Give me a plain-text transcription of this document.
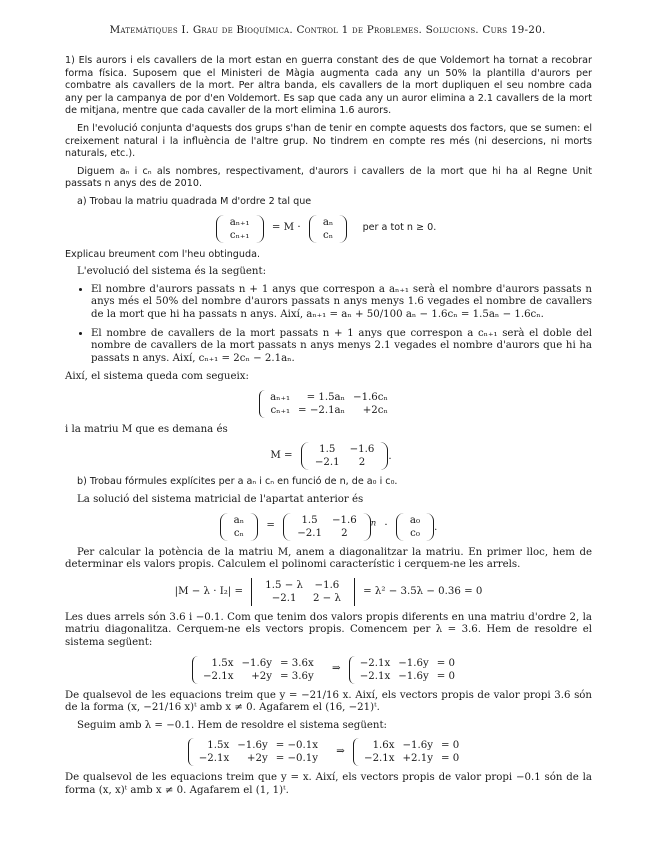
Matemàtiques I. Grau de Bioquímica. Control 1 de Problemes. Solucions. Curs 19-20.

1) Els aurors i els cavallers de la mort estan en guerra constant des de que Voldemort ha tornat a recobrar forma física. Suposem que el Ministeri de Màgia augmenta cada any un 50% la plantilla d'aurors per combatre als cavallers de la mort. Per altra banda, els cavallers de la mort dupliquen el seu nombre cada any per la campanya de por d'en Voldemort. Es sap que cada any un auror elimina a 2.1 cavallers de la mort de mitjana, mentre que cada cavaller de la mort elimina 1.6 aurors.

En l'evolució conjunta d'aquests dos grups s'han de tenir en compte aquests dos factors, que se sumen: el creixement natural i la influència de l'altre grup. No tindrem en compte res més (ni desercions, ni morts naturals, etc.).

Diguem aₙ i cₙ als nombres, respectivament, d'aurors i cavallers de la mort que hi ha al Regne Unit passats n anys des de 2010.

a) Trobau la matriu quadrada M d'ordre 2 tal que

aₙ₊₁
cₙ₊₁
= M ·
aₙ
cₙ
per a tot n ≥ 0.

Explicau breument com l'heu obtinguda.

L'evolució del sistema és la següent:

• El nombre d'aurors passats n + 1 anys que correspon a aₙ₊₁ serà el nombre d'aurors passats n anys més el 50% del nombre d'aurors passats n anys menys 1.6 vegades el nombre de cavallers de la mort que hi ha passats n anys. Així, aₙ₊₁ = aₙ + 50/100 aₙ − 1.6cₙ = 1.5aₙ − 1.6cₙ.
• El nombre de cavallers de la mort passats n + 1 anys que correspon a cₙ₊₁ serà el doble del nombre de cavallers de la mort passats n anys menys 2.1 vegades el nombre d'aurors que hi ha passats n anys. Així, cₙ₊₁ = 2cₙ − 2.1aₙ.

Així, el sistema queda com segueix:

aₙ₊₁	= 1.5aₙ	−1.6cₙ
cₙ₊₁	= −2.1aₙ	+2cₙ

i la matriu M que es demana és

M =
1.5	−1.6
−2.1	2
.

b) Trobau fórmules explícites per a aₙ i cₙ en funció de n, de a₀ i c₀.

La solució del sistema matricial de l'apartat anterior és

aₙ
cₙ
=
1.5	−1.6
−2.1	2
$^n$ ·
a₀
c₀
.

Per calcular la potència de la matriu M, anem a diagonalitzar la matriu. En primer lloc, hem de determinar els valors propis. Calculem el polinomi característic i cerquem-ne les arrels.

|M − λ · I₂| =
1.5 − λ	−1.6
−2.1	2 − λ
= λ² − 3.5λ − 0.36 = 0

Les dues arrels són 3.6 i −0.1. Com que tenim dos valors propis diferents en una matriu d'ordre 2, la matriu diagonalitza. Cerquem-ne els vectors propis. Comencem per λ = 3.6. Hem de resoldre el sistema següent:

1.5x	−1.6y	= 3.6x
−2.1x	+2y	= 3.6y
⇒
−2.1x	−1.6y	= 0
−2.1x	−1.6y	= 0

De qualsevol de les equacions treim que y = −21/16 x. Així, els vectors propis de valor propi 3.6 són de la forma (x, −21/16 x)ᵗ amb x ≠ 0. Agafarem el (16, −21)ᵗ.

Seguim amb λ = −0.1. Hem de resoldre el sistema següent:

1.5x	−1.6y	= −0.1x
−2.1x	+2y	= −0.1y
⇒
1.6x	−1.6y	= 0
−2.1x	+2.1y	= 0

De qualsevol de les equacions treim que y = x. Així, els vectors propis de valor propi −0.1 són de la forma (x, x)ᵗ amb x ≠ 0. Agafarem el (1, 1)ᵗ.
